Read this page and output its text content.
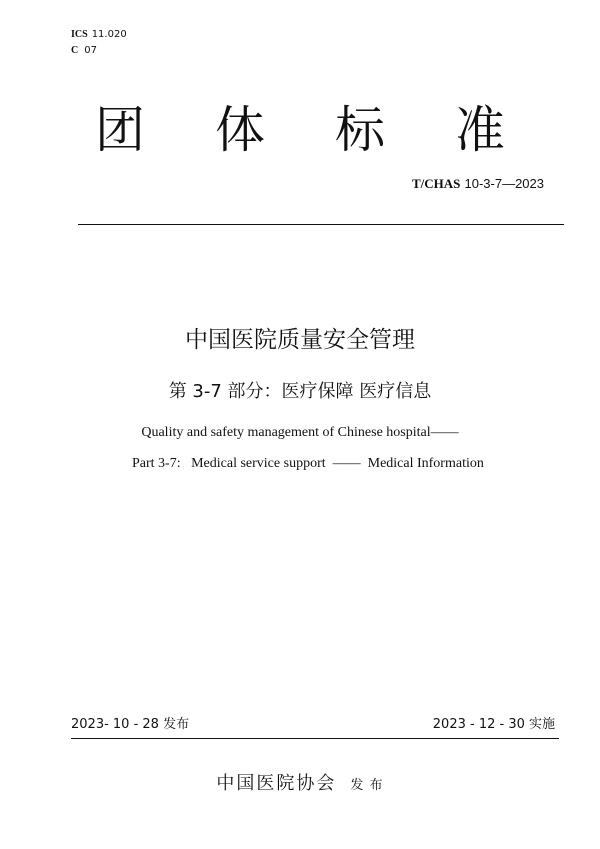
ICS 11.020
C 07
团 体 标 准
T/CHAS 10-3-7—2023
中国医院质量安全管理
第 3-7 部分：医疗保障 医疗信息
Quality and safety management of Chinese hospital——
Part 3-7:   Medical service support  ——  Medical Information
2023- 10 - 28 发布	2023 - 12 - 30 实施
中国医院协会 发 布
